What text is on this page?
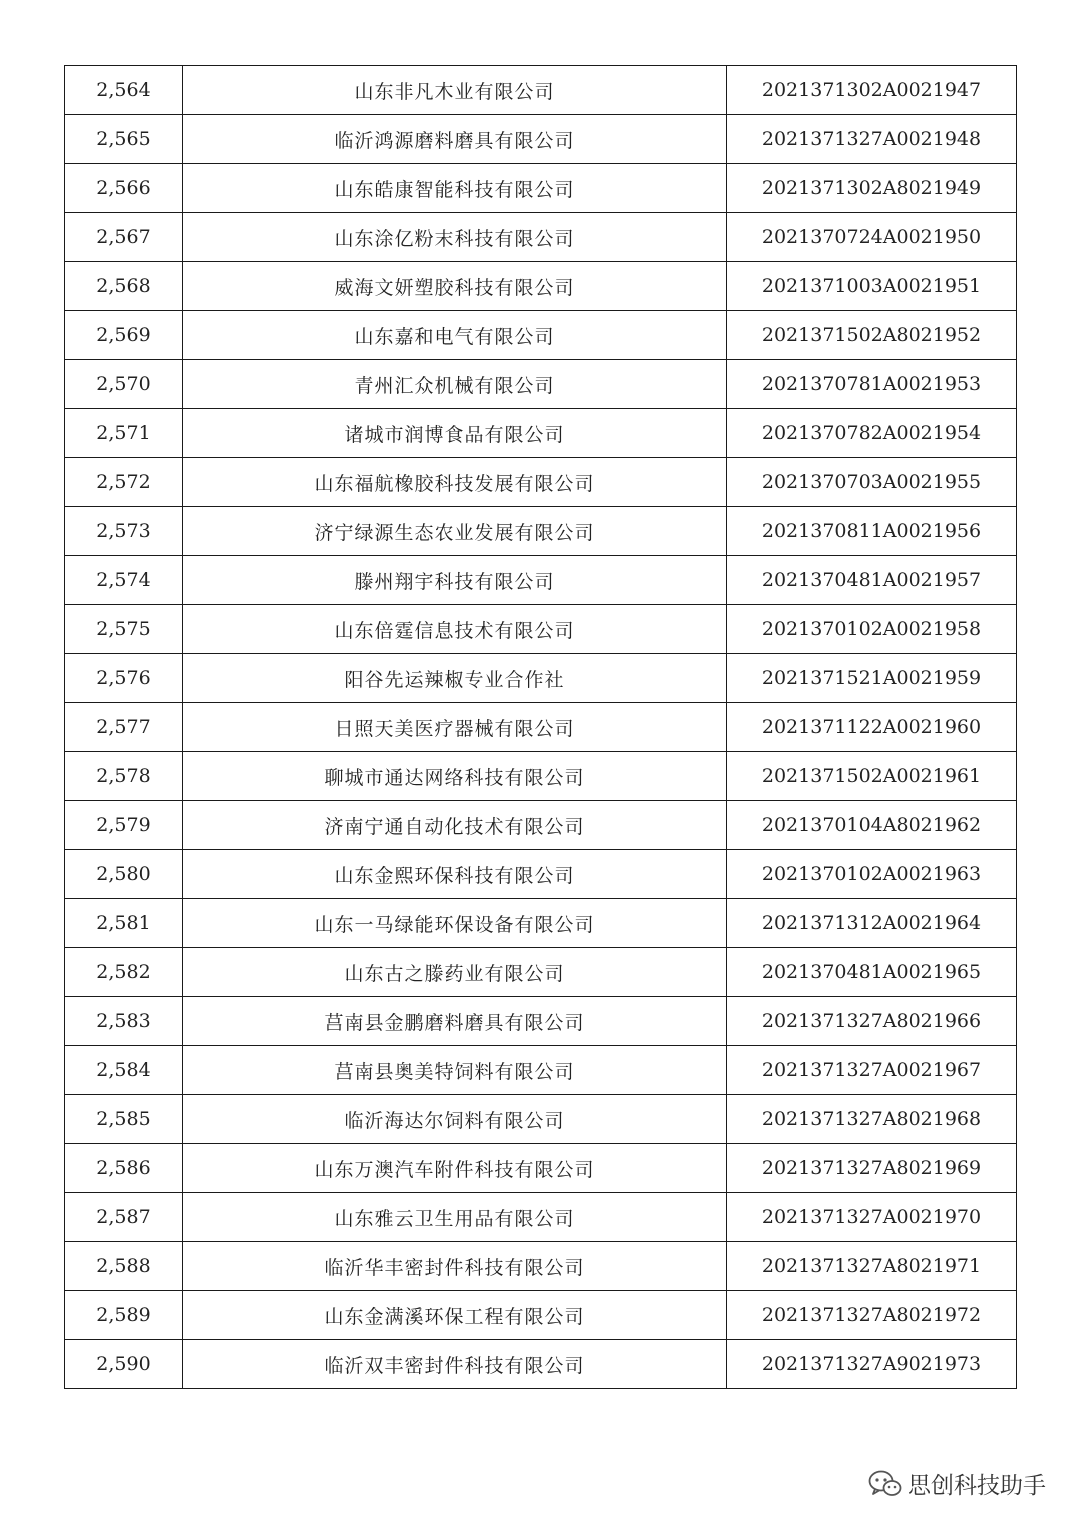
2,564	山东非凡木业有限公司	2021371302A0021947
2,565	临沂鸿源磨料磨具有限公司	2021371327A0021948
2,566	山东皓康智能科技有限公司	2021371302A8021949
2,567	山东涂亿粉末科技有限公司	2021370724A0021950
2,568	威海文妍塑胶科技有限公司	2021371003A0021951
2,569	山东嘉和电气有限公司	2021371502A8021952
2,570	青州汇众机械有限公司	2021370781A0021953
2,571	诸城市润博食品有限公司	2021370782A0021954
2,572	山东福航橡胶科技发展有限公司	2021370703A0021955
2,573	济宁绿源生态农业发展有限公司	2021370811A0021956
2,574	滕州翔宇科技有限公司	2021370481A0021957
2,575	山东倍霆信息技术有限公司	2021370102A0021958
2,576	阳谷先运辣椒专业合作社	2021371521A0021959
2,577	日照天美医疗器械有限公司	2021371122A0021960
2,578	聊城市通达网络科技有限公司	2021371502A0021961
2,579	济南宁通自动化技术有限公司	2021370104A8021962
2,580	山东金熙环保科技有限公司	2021370102A0021963
2,581	山东一马绿能环保设备有限公司	2021371312A0021964
2,582	山东古之滕药业有限公司	2021370481A0021965
2,583	莒南县金鹏磨料磨具有限公司	2021371327A8021966
2,584	莒南县奥美特饲料有限公司	2021371327A0021967
2,585	临沂海达尔饲料有限公司	2021371327A8021968
2,586	山东万澳汽车附件科技有限公司	2021371327A8021969
2,587	山东雅云卫生用品有限公司	2021371327A0021970
2,588	临沂华丰密封件科技有限公司	2021371327A8021971
2,589	山东金满溪环保工程有限公司	2021371327A8021972
2,590	临沂双丰密封件科技有限公司	2021371327A9021973
思创科技助手
